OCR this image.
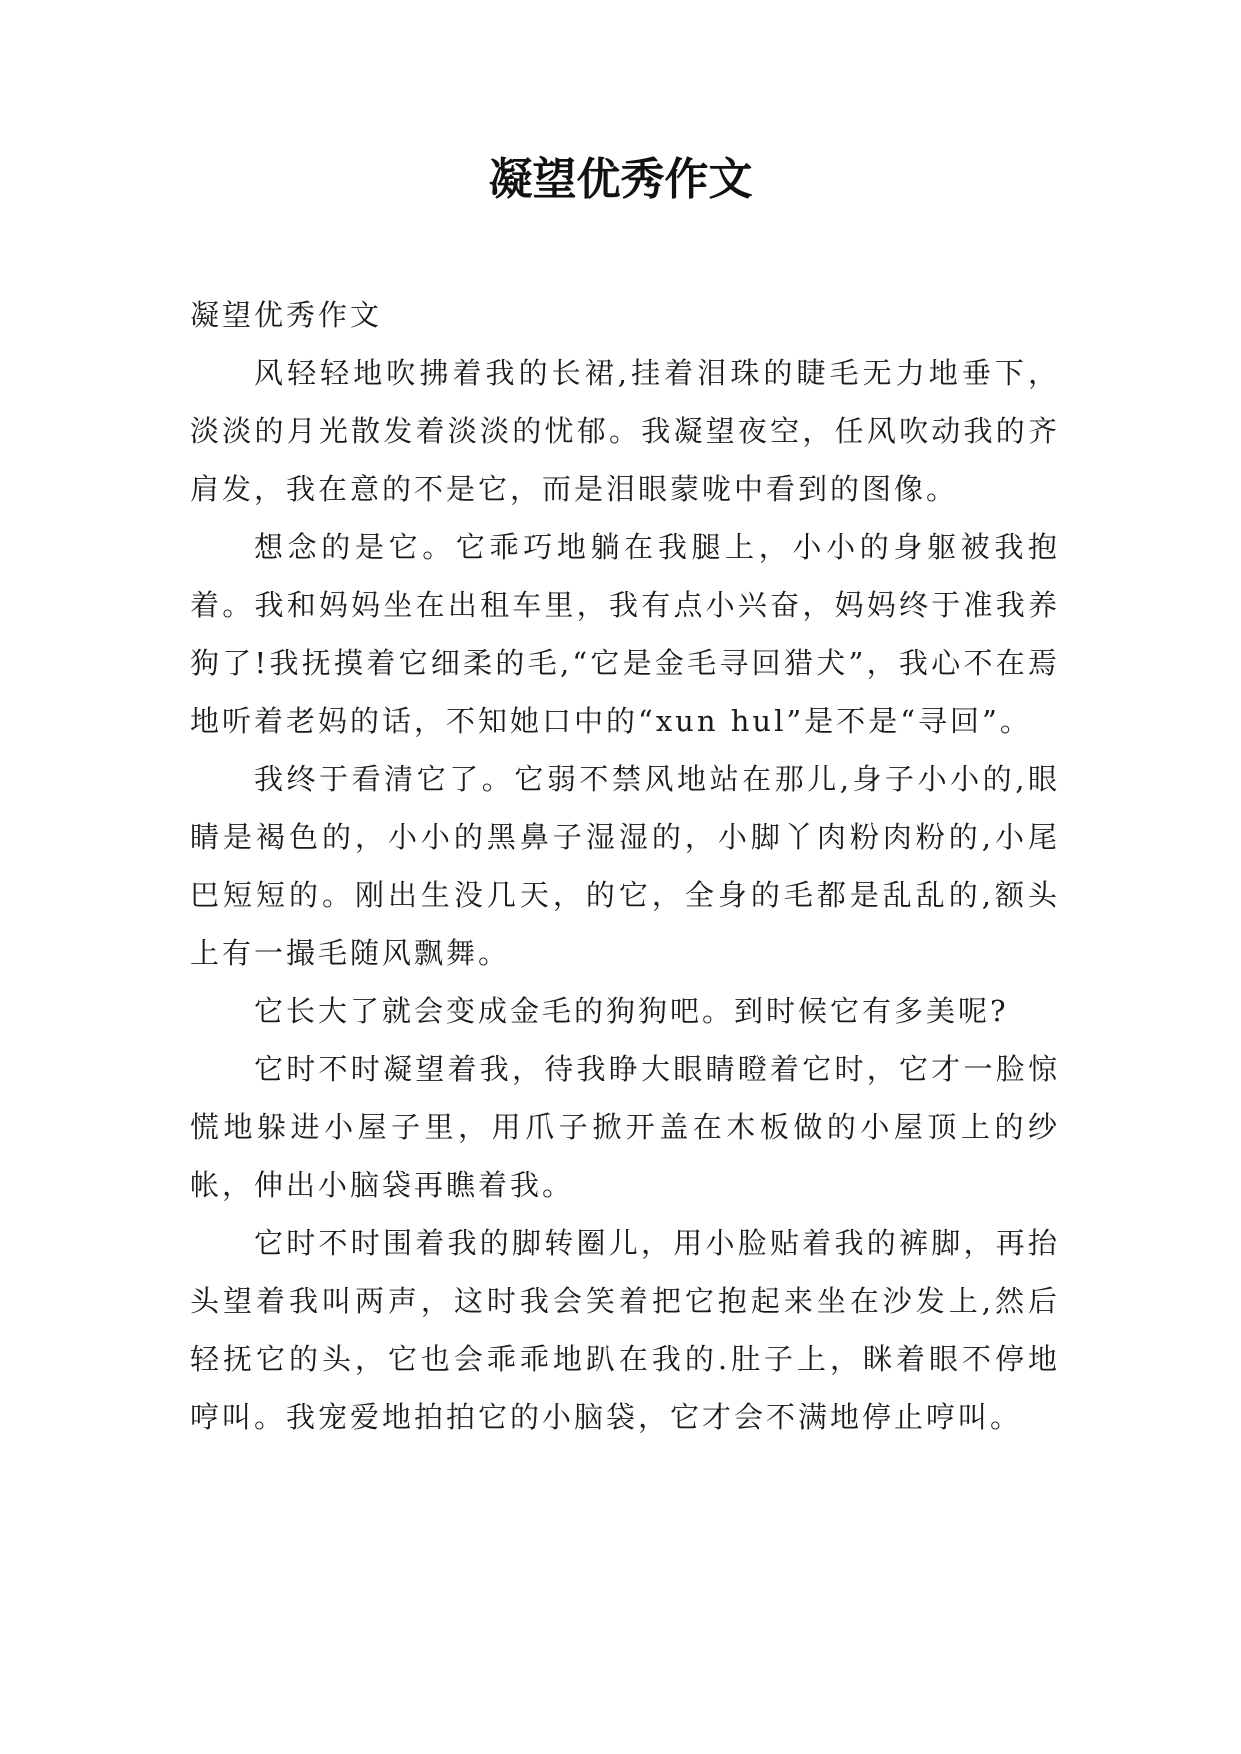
凝望优秀作文

凝望优秀作文

风轻轻地吹拂着我的长裙,挂着泪珠的睫毛无力地垂下，淡淡的月光散发着淡淡的忧郁。我凝望夜空，任风吹动我的齐肩发，我在意的不是它，而是泪眼蒙咙中看到的图像。

想念的是它。它乖巧地躺在我腿上，小小的身躯被我抱着。我和妈妈坐在出租车里，我有点小兴奋，妈妈终于准我养狗了!我抚摸着它细柔的毛,“它是金毛寻回猎犬”，我心不在焉地听着老妈的话，不知她口中的“xun hul”是不是“寻回”。

我终于看清它了。它弱不禁风地站在那儿,身子小小的,眼睛是褐色的，小小的黑鼻子湿湿的，小脚丫肉粉肉粉的,小尾巴短短的。刚出生没几天，的它，全身的毛都是乱乱的,额头上有一撮毛随风飘舞。

它长大了就会变成金毛的狗狗吧。到时候它有多美呢?

它时不时凝望着我，待我睁大眼睛瞪着它时，它才一脸惊慌地躲进小屋子里，用爪子掀开盖在木板做的小屋顶上的纱帐，伸出小脑袋再瞧着我。

它时不时围着我的脚转圈儿，用小脸贴着我的裤脚，再抬头望着我叫两声，这时我会笑着把它抱起来坐在沙发上,然后轻抚它的头，它也会乖乖地趴在我的.肚子上，眯着眼不停地哼叫。我宠爱地拍拍它的小脑袋，它才会不满地停止哼叫。
